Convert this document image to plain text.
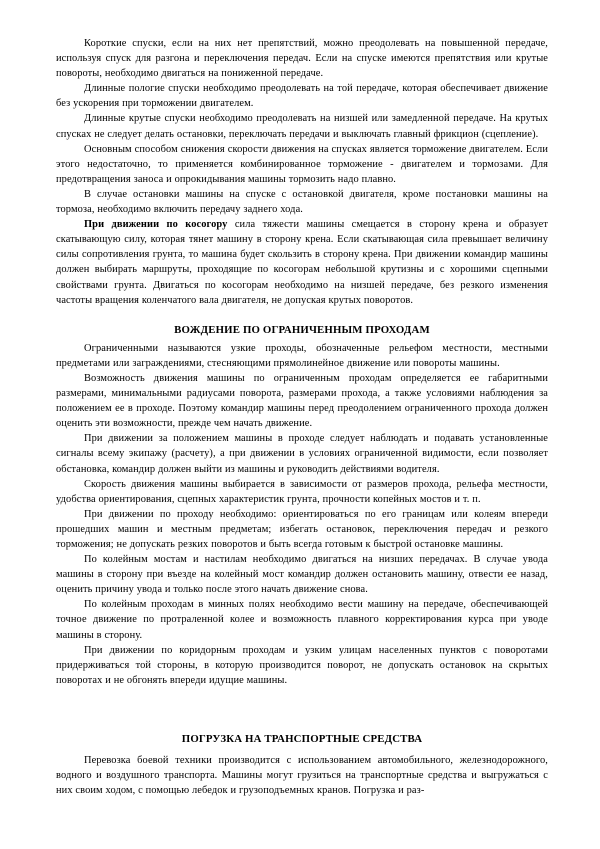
Короткие спуски, если на них нет препятствий, можно преодолевать на повышенной передаче, используя спуск для разгона и переключения передач. Если на спуске имеются препятствия или крутые повороты, необходимо двигаться на пониженной передаче.

Длинные пологие спуски необходимо преодолевать на той передаче, которая обеспечивает движение без ускорения при торможении двигателем.

Длинные крутые спуски необходимо преодолевать на низшей или замедленной передаче. На крутых спусках не следует делать остановки, переключать передачи и выключать главный фрикцион (сцепление).

Основным способом снижения скорости движения на спусках является торможение двигателем. Если этого недостаточно, то применяется комбинированное торможение - двигателем и тормозами. Для предотвращения заноса и опрокидывания машины тормозить надо плавно.

В случае остановки машины на спуске с остановкой двигателя, кроме постановки машины на тормоза, необходимо включить передачу заднего хода.

При движении по косогору сила тяжести машины смещается в сторону крена и образует скатывающую силу, которая тянет машину в сторону крена. Если скатывающая сила превышает величину силы сопротивления грунта, то машина будет скользить в сторону крена. При движении командир машины должен выбирать маршруты, проходящие по косогорам небольшой крутизны и с хорошими сцепными свойствами грунта. Двигаться по косогорам необходимо на низшей передаче, без резкого изменения частоты вращения коленчатого вала двигателя, не допуская крутых поворотов.

ВОЖДЕНИЕ ПО ОГРАНИЧЕННЫМ ПРОХОДАМ

Ограниченными называются узкие проходы, обозначенные рельефом местности, местными предметами или заграждениями, стесняющими прямолинейное движение или повороты машины.

Возможность движения машины по ограниченным проходам определяется ее габаритными размерами, минимальными радиусами поворота, размерами прохода, а также условиями наблюдения за положением ее в проходе. Поэтому командир машины перед преодолением ограниченного прохода должен оценить эти возможности, прежде чем начать движение.

При движении за положением машины в проходе следует наблюдать и подавать установленные сигналы всему экипажу (расчету), а при движении в условиях ограниченной видимости, если позволяет обстановка, командир должен выйти из машины и руководить действиями водителя.

Скорость движения машины выбирается в зависимости от размеров прохода, рельефа местности, удобства ориентирования, сцепных характеристик грунта, прочности копейных мостов и т. п.

При движении по проходу необходимо: ориентироваться по его границам или колеям впереди прошедших машин и местным предметам; избегать остановок, переключения передач и резкого торможения; не допускать резких поворотов и быть всегда готовым к быстрой остановке машины.

По колейным мостам и настилам необходимо двигаться на низших передачах. В случае увода машины в сторону при въезде на колейный мост командир должен остановить машину, отвести ее назад, оценить причину увода и только после этого начать движение снова.

По колейным проходам в минных полях необходимо вести машину на передаче, обеспечивающей точное движение по протраленной колее и возможность плавного корректирования курса при уводе машины в сторону.

При движении по коридорным проходам и узким улицам населенных пунктов с поворотами придерживаться той стороны, в которую производится поворот, не допускать остановок на скрытых поворотах и не обгонять впереди идущие машины.

ПОГРУЗКА НА ТРАНСПОРТНЫЕ СРЕДСТВА

Перевозка боевой техники производится с использованием автомобильного, железнодорожного, водного и воздушного транспорта. Машины могут грузиться на транспортные средства и выгружаться с них своим ходом, с помощью лебедок и грузоподъемных кранов. Погрузка и раз-
